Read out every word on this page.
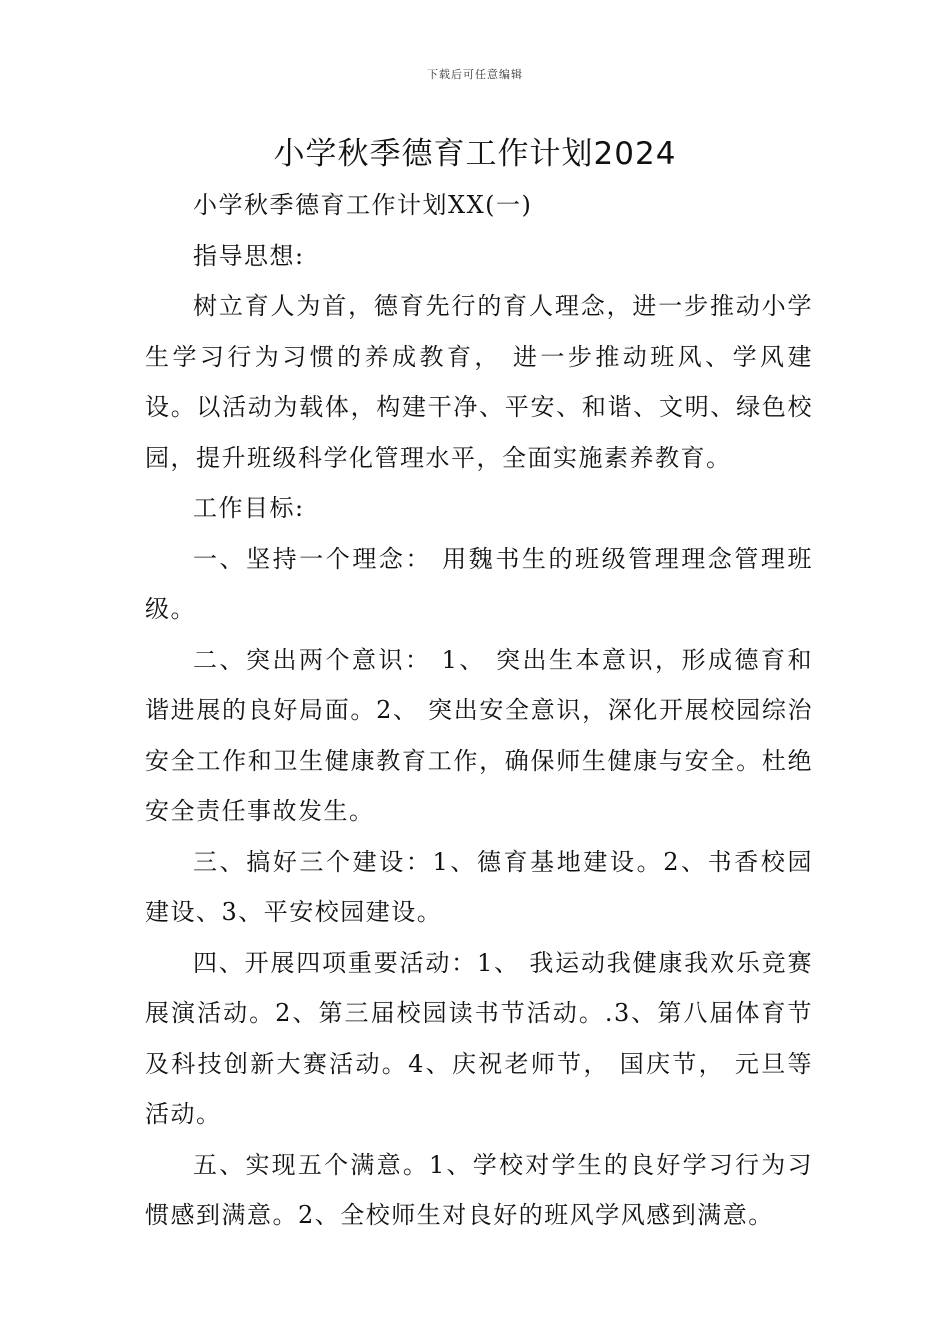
下载后可任意编辑
小学秋季德育工作计划2024

小学秋季德育工作计划XX(一)

指导思想:

树立育人为首，德育先行的育人理念，进一步推动小学生学习行为习惯的养成教育， 进一步推动班风、学风建设。以活动为载体，构建干净、平安、和谐、文明、绿色校园，提升班级科学化管理水平，全面实施素养教育。

工作目标:

一、坚持一个理念： 用魏书生的班级管理理念管理班级。

二、突出两个意识： 1、 突出生本意识，形成德育和谐进展的良好局面。2、 突出安全意识，深化开展校园综治安全工作和卫生健康教育工作，确保师生健康与安全。杜绝安全责任事故发生。

三、搞好三个建设：1、德育基地建设。2、书香校园建设、3、平安校园建设。

四、开展四项重要活动：1、 我运动我健康我欢乐竞赛展演活动。2、第三届校园读书节活动。.3、第八届体育节及科技创新大赛活动。4、庆祝老师节， 国庆节， 元旦等活动。

五、实现五个满意。1、学校对学生的良好学习行为习惯感到满意。2、全校师生对良好的班风学风感到满意。
